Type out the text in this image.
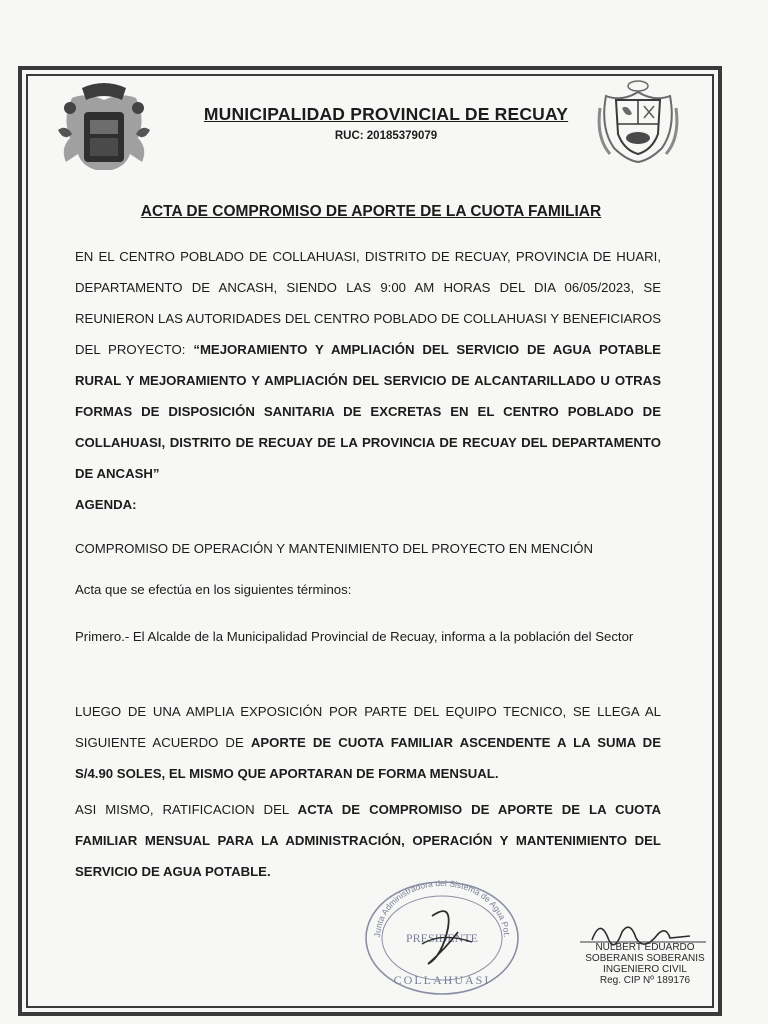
MUNICIPALIDAD PROVINCIAL DE RECUAY
RUC: 20185379079
ACTA DE COMPROMISO DE APORTE DE LA CUOTA FAMILIAR
EN EL CENTRO POBLADO DE COLLAHUASI, DISTRITO DE RECUAY, PROVINCIA DE HUARI, DEPARTAMENTO DE ANCASH, SIENDO LAS 9:00 AM HORAS DEL DIA 06/05/2023, SE REUNIERON LAS AUTORIDADES DEL CENTRO POBLADO DE COLLAHUASI Y BENEFICIAROS DEL PROYECTO: “MEJORAMIENTO Y AMPLIACIÓN DEL SERVICIO DE AGUA POTABLE RURAL Y MEJORAMIENTO Y AMPLIACIÓN DEL SERVICIO DE ALCANTARILLADO U OTRAS FORMAS DE DISPOSICIÓN SANITARIA DE EXCRETAS EN EL CENTRO POBLADO DE COLLAHUASI, DISTRITO DE RECUAY DE LA PROVINCIA DE RECUAY DEL DEPARTAMENTO DE ANCASH”
AGENDA:
COMPROMISO DE OPERACIÓN Y MANTENIMIENTO DEL PROYECTO EN MENCIÓN
Acta que se efectúa en los siguientes términos:
Primero.- El Alcalde de la Municipalidad Provincial de Recuay, informa a la población del Sector
LUEGO DE UNA AMPLIA EXPOSICIÓN POR PARTE DEL EQUIPO TECNICO, SE LLEGA AL SIGUIENTE ACUERDO DE APORTE DE CUOTA FAMILIAR ASCENDENTE A LA SUMA DE S/4.90 SOLES, EL MISMO QUE APORTARAN DE FORMA MENSUAL.
ASI MISMO, RATIFICACION DEL ACTA DE COMPROMISO DE APORTE DE LA CUOTA FAMILIAR MENSUAL PARA LA ADMINISTRACIÓN, OPERACIÓN Y MANTENIMIENTO DEL SERVICIO DE AGUA POTABLE.
Junta Administradora del Sistema de Agua Pot.
PRESIDENTE
COLLAHUASI
NULBERT EDUARDO
SOBERANIS SOBERANIS
INGENIERO CIVIL
Reg. CIP Nº 189176
